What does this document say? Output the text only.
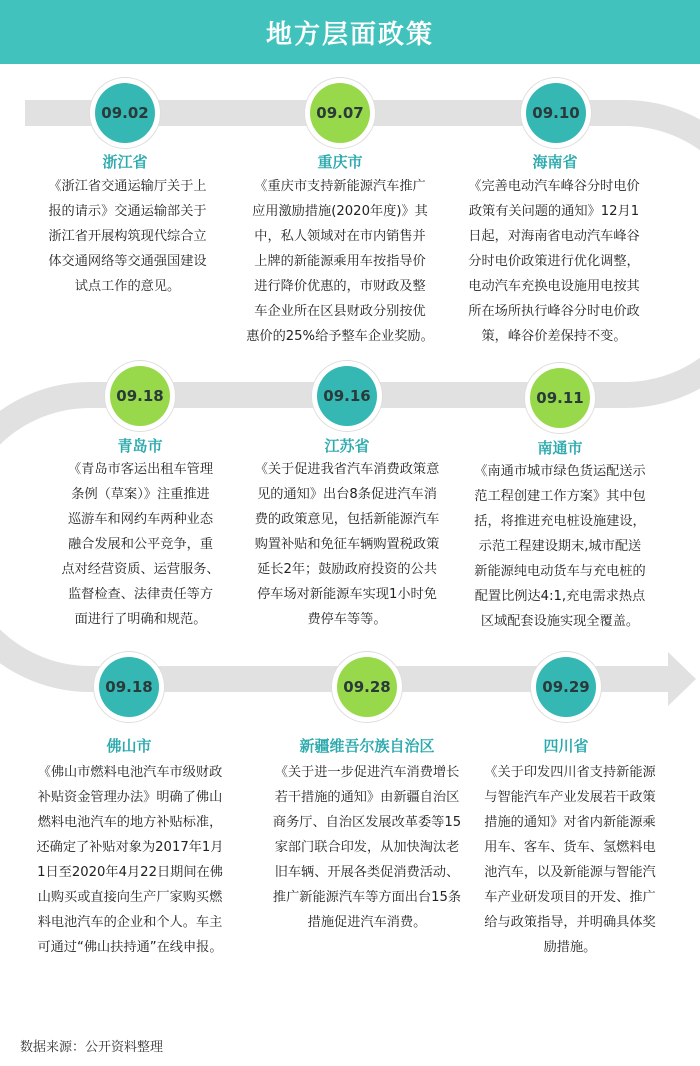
地方层面政策
09.02
浙江省
《浙江省交通运输厅关于上
报的请示》交通运输部关于
浙江省开展构筑现代综合立
体交通网络等交通强国建设
试点工作的意见。
09.07
重庆市
《重庆市支持新能源汽车推广
应用激励措施(2020年度)》其
中，私人领域对在市内销售并
上牌的新能源乘用车按指导价
进行降价优惠的，市财政及整
车企业所在区县财政分别按优
惠价的25%给予整车企业奖励。
09.10
海南省
《完善电动汽车峰谷分时电价
政策有关问题的通知》12月1
日起，对海南省电动汽车峰谷
分时电价政策进行优化调整，
电动汽车充换电设施用电按其
所在场所执行峰谷分时电价政
策，峰谷价差保持不变。
09.18
青岛市
《青岛市客运出租车管理
条例（草案）》注重推进
巡游车和网约车两种业态
融合发展和公平竞争，重
点对经营资质、运营服务、
监督检查、法律责任等方
面进行了明确和规范。
09.16
江苏省
《关于促进我省汽车消费政策意
见的通知》出台8条促进汽车消
费的政策意见，包括新能源汽车
购置补贴和免征车辆购置税政策
延长2年；鼓励政府投资的公共
停车场对新能源车实现1小时免
费停车等等。
09.11
南通市
《南通市城市绿色货运配送示
范工程创建工作方案》其中包
括，将推进充电桩设施建设，
示范工程建设期末,城市配送
新能源纯电动货车与充电桩的
配置比例达4:1,充电需求热点
区域配套设施实现全覆盖。
09.18
佛山市
《佛山市燃料电池汽车市级财政
补贴资金管理办法》明确了佛山
燃料电池汽车的地方补贴标准，
还确定了补贴对象为2017年1月
1日至2020年4月22日期间在佛
山购买或直接向生产厂家购买燃
料电池汽车的企业和个人。车主
可通过“佛山扶持通”在线申报。
09.28
新疆维吾尔族自治区
《关于进一步促进汽车消费增长
若干措施的通知》由新疆自治区
商务厅、自治区发展改革委等15
家部门联合印发，从加快淘汰老
旧车辆、开展各类促消费活动、
推广新能源汽车等方面出台15条
措施促进汽车消费。
09.29
四川省
《关于印发四川省支持新能源
与智能汽车产业发展若干政策
措施的通知》对省内新能源乘
用车、客车、货车、氢燃料电
池汽车，以及新能源与智能汽
车产业研发项目的开发、推广
给与政策指导，并明确具体奖
励措施。
数据来源：公开资料整理
